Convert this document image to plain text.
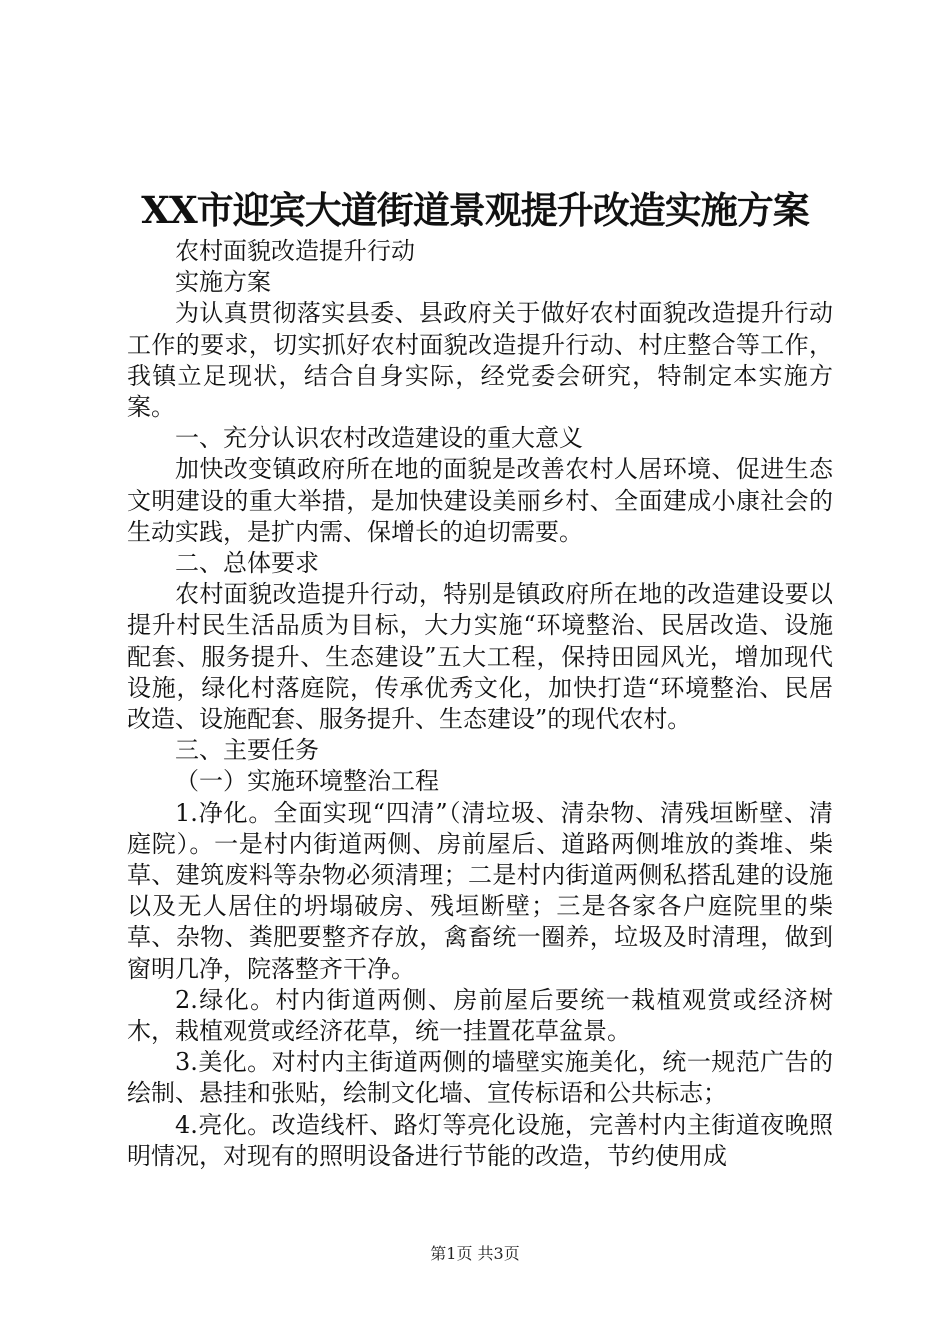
XX市迎宾大道街道景观提升改造实施方案

农村面貌改造提升行动

实施方案

为认真贯彻落实县委、县政府关于做好农村面貌改造提升行动工作的要求，切实抓好农村面貌改造提升行动、村庄整合等工作，我镇立足现状，结合自身实际，经党委会研究，特制定本实施方案。

一、充分认识农村改造建设的重大意义

加快改变镇政府所在地的面貌是改善农村人居环境、促进生态文明建设的重大举措，是加快建设美丽乡村、全面建成小康社会的生动实践，是扩内需、保增长的迫切需要。

二、总体要求

农村面貌改造提升行动，特别是镇政府所在地的改造建设要以提升村民生活品质为目标，大力实施“环境整治、民居改造、设施配套、服务提升、生态建设”五大工程，保持田园风光，增加现代设施，绿化村落庭院，传承优秀文化，加快打造“环境整治、民居改造、设施配套、服务提升、生态建设”的现代农村。

三、主要任务

（一）实施环境整治工程

1.净化。全面实现“四清”（清垃圾、清杂物、清残垣断壁、清庭院）。一是村内街道两侧、房前屋后、道路两侧堆放的粪堆、柴草、建筑废料等杂物必须清理；二是村内街道两侧私搭乱建的设施以及无人居住的坍塌破房、残垣断壁；三是各家各户庭院里的柴草、杂物、粪肥要整齐存放，禽畜统一圈养，垃圾及时清理，做到窗明几净，院落整齐干净。

2.绿化。村内街道两侧、房前屋后要统一栽植观赏或经济树木，栽植观赏或经济花草，统一挂置花草盆景。

3.美化。对村内主街道两侧的墙壁实施美化，统一规范广告的绘制、悬挂和张贴，绘制文化墙、宣传标语和公共标志；

4.亮化。改造线杆、路灯等亮化设施，完善村内主街道夜晚照明情况，对现有的照明设备进行节能的改造，节约使用成

第1页 共3页
